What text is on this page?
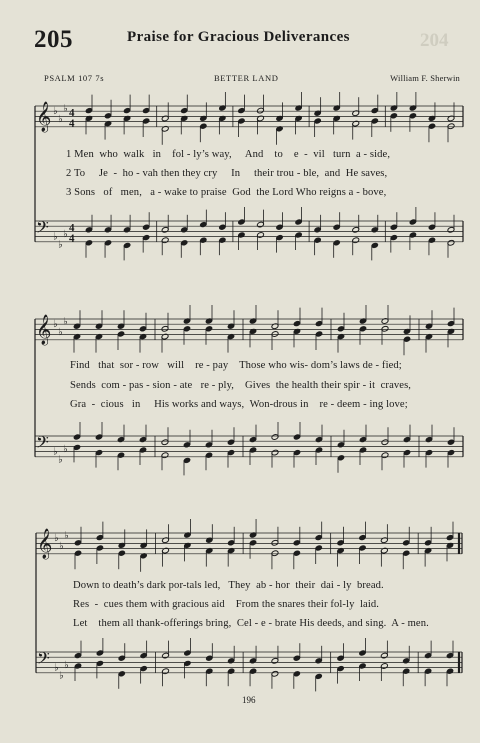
205	Praise for Gracious Deliverances	204
PSALM 107 7s	BETTER LAND	William F. Sherwin
𝄞
𝄢
♭
♭
♭
♭
♭
♭
4
4
4
4
𝄞
𝄢
♭
♭
♭
♭
♭
♭
𝄞
𝄢
♭
♭
♭
♭
♭
♭
1 Men  who  walk   in    fol - ly’s way,     And    to    e  -  vil   turn  a - side,
2 To     Je  -  ho - vah then they cry     In     their trou - ble,  and  He saves,
3 Sons   of   men,   a - wake to praise  God  the Lord Who reigns a - bove,
Find   that  sor - row   will    re - pay    Those who wis- dom’s laws de - fied;
Sends  com - pas - sion - ate   re - ply,    Gives  the health their spir - it  craves,
Gra  -  cious   in     His works and ways,  Won-drous in    re - deem - ing love;
Down to death’s dark por-tals led,   They  ab - hor  their  dai - ly  bread.
Res  -  cues them with gracious aid    From the snares their fol-ly  laid.
Let    them all thank-offerings bring,  Cel - e - brate His deeds, and sing.  A - men.
196
